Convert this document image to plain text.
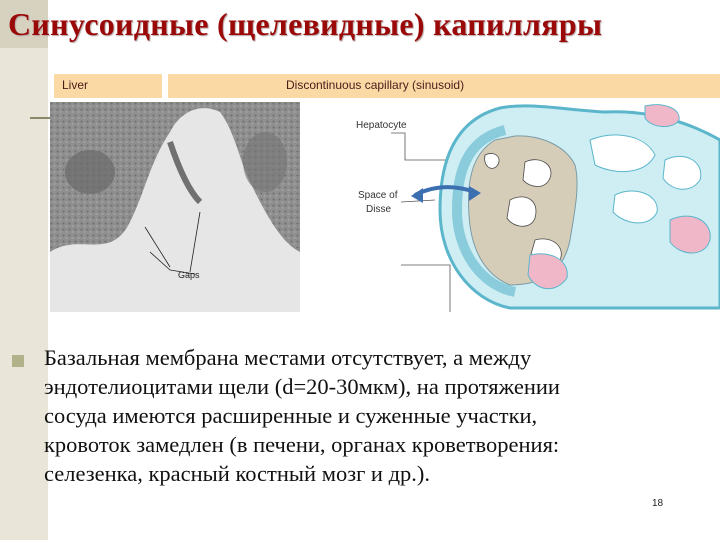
Синусоидные (щелевидные) капилляры
Liver	Discontinuous capillary (sinusoid)
Gaps
Hepatocyte
Space of
Disse
Базальная мембрана местами отсутствует, а между
эндотелиоцитами щели (d=20-30мкм), на протяжении
сосуда имеются расширенные и суженные участки,
кровоток замедлен (в печени, органах кроветворения:
селезенка, красный костный мозг и др.).
18
